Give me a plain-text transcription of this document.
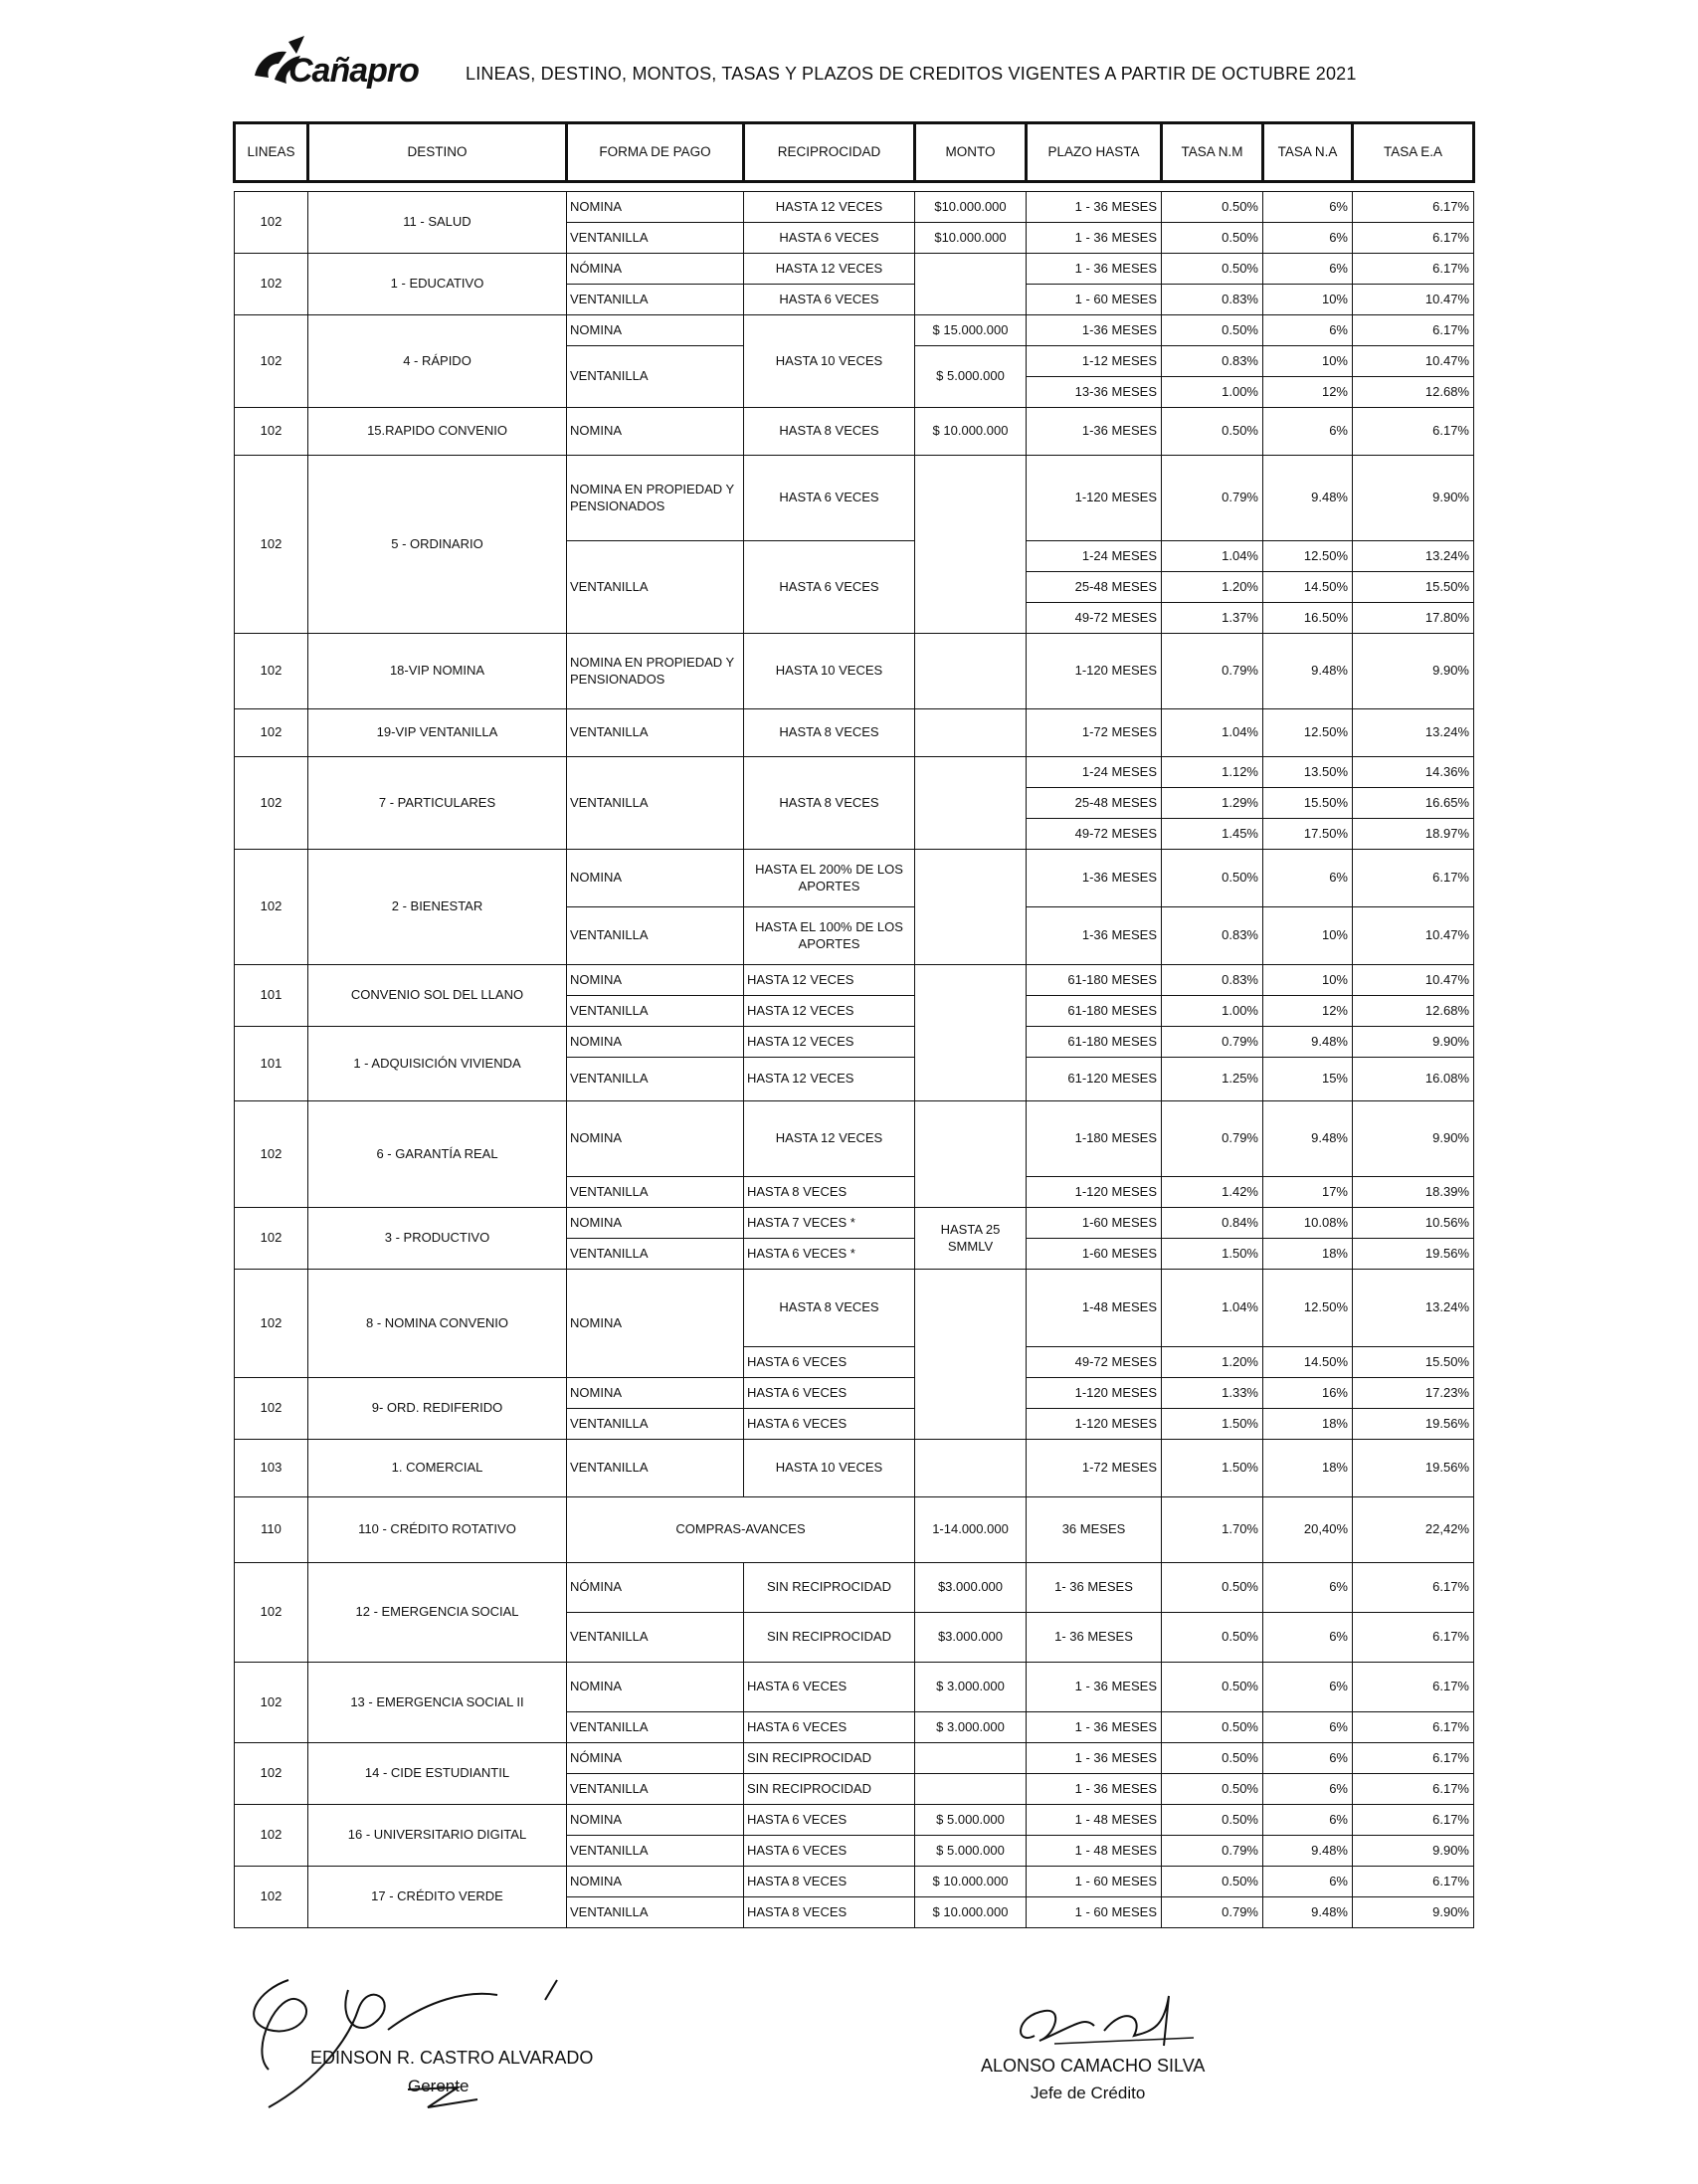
Cañapro	LINEAS, DESTINO, MONTOS, TASAS Y PLAZOS DE CREDITOS VIGENTES A PARTIR DE OCTUBRE 2021
LINEAS	DESTINO	FORMA DE PAGO	RECIPROCIDAD	MONTO	PLAZO HASTA	TASA N.M	TASA N.A	TASA E.A

102	11 - SALUD	NOMINA	HASTA 12 VECES	$10.000.000	1 - 36 MESES	0.50%	6%	6.17%
		VENTANILLA	HASTA 6 VECES	$10.000.000	1 - 36 MESES	0.50%	6%	6.17%
102	1 - EDUCATIVO	NÓMINA	HASTA 12 VECES		1 - 36 MESES	0.50%	6%	6.17%
		VENTANILLA	HASTA 6 VECES		1 - 60 MESES	0.83%	10%	10.47%
102	4 - RÁPIDO	NOMINA	HASTA 10 VECES	$ 15.000.000	1-36 MESES	0.50%	6%	6.17%
		VENTANILLA		$ 5.000.000	1-12 MESES	0.83%	10%	10.47%
					13-36 MESES	1.00%	12%	12.68%
102	15.RAPIDO CONVENIO	NOMINA	HASTA 8 VECES	$ 10.000.000	1-36 MESES	0.50%	6%	6.17%
102	5 - ORDINARIO	NOMINA EN PROPIEDAD Y PENSIONADOS	HASTA 6 VECES		1-120 MESES	0.79%	9.48%	9.90%
		VENTANILLA	HASTA 6 VECES		1-24 MESES	1.04%	12.50%	13.24%
					25-48 MESES	1.20%	14.50%	15.50%
					49-72 MESES	1.37%	16.50%	17.80%
102	18-VIP NOMINA	NOMINA EN PROPIEDAD Y PENSIONADOS	HASTA 10 VECES		1-120 MESES	0.79%	9.48%	9.90%
102	19-VIP VENTANILLA	VENTANILLA	HASTA 8 VECES		1-72 MESES	1.04%	12.50%	13.24%
102	7 - PARTICULARES	VENTANILLA	HASTA 8 VECES		1-24 MESES	1.12%	13.50%	14.36%
					25-48 MESES	1.29%	15.50%	16.65%
					49-72 MESES	1.45%	17.50%	18.97%
102	2 - BIENESTAR	NOMINA	HASTA EL 200% DE LOS APORTES		1-36 MESES	0.50%	6%	6.17%
		VENTANILLA	HASTA EL 100% DE LOS APORTES		1-36 MESES	0.83%	10%	10.47%
101	CONVENIO SOL DEL LLANO	NOMINA	HASTA 12 VECES		61-180 MESES	0.83%	10%	10.47%
		VENTANILLA	HASTA 12 VECES		61-180 MESES	1.00%	12%	12.68%
101	1 - ADQUISICIÓN VIVIENDA	NOMINA	HASTA 12 VECES		61-180 MESES	0.79%	9.48%	9.90%
		VENTANILLA	HASTA 12 VECES		61-120 MESES	1.25%	15%	16.08%
102	6 - GARANTÍA REAL	NOMINA	HASTA 12 VECES		1-180 MESES	0.79%	9.48%	9.90%
		VENTANILLA	HASTA 8 VECES		1-120 MESES	1.42%	17%	18.39%
102	3 - PRODUCTIVO	NOMINA	HASTA 7 VECES *	HASTA 25 SMMLV	1-60 MESES	0.84%	10.08%	10.56%
		VENTANILLA	HASTA 6 VECES *		1-60 MESES	1.50%	18%	19.56%
102	8 - NOMINA CONVENIO	NOMINA	HASTA 8 VECES		1-48 MESES	1.04%	12.50%	13.24%
			HASTA 6 VECES		49-72 MESES	1.20%	14.50%	15.50%
102	9- ORD. REDIFERIDO	NOMINA	HASTA 6 VECES		1-120 MESES	1.33%	16%	17.23%
		VENTANILLA	HASTA 6 VECES		1-120 MESES	1.50%	18%	19.56%
103	1. COMERCIAL	VENTANILLA	HASTA 10 VECES		1-72 MESES	1.50%	18%	19.56%
110	110 - CRÉDITO ROTATIVO	COMPRAS-AVANCES		1-14.000.000	36 MESES	1.70%	20,40%	22,42%
102	12 - EMERGENCIA SOCIAL	NÓMINA	SIN RECIPROCIDAD	$3.000.000	1- 36 MESES	0.50%	6%	6.17%
		VENTANILLA	SIN RECIPROCIDAD	$3.000.000	1- 36 MESES	0.50%	6%	6.17%
102	13 - EMERGENCIA SOCIAL II	NOMINA	HASTA 6 VECES	$ 3.000.000	1 - 36 MESES	0.50%	6%	6.17%
		VENTANILLA	HASTA 6 VECES	$ 3.000.000	1 - 36 MESES	0.50%	6%	6.17%
102	14 - CIDE ESTUDIANTIL	NÓMINA	SIN RECIPROCIDAD		1 - 36 MESES	0.50%	6%	6.17%
		VENTANILLA	SIN RECIPROCIDAD		1 - 36 MESES	0.50%	6%	6.17%
102	16 - UNIVERSITARIO DIGITAL	NOMINA	HASTA 6 VECES	$ 5.000.000	1 - 48 MESES	0.50%	6%	6.17%
		VENTANILLA	HASTA 6 VECES	$ 5.000.000	1 - 48 MESES	0.79%	9.48%	9.90%
102	17 - CRÉDITO VERDE	NOMINA	HASTA 8 VECES	$ 10.000.000	1 - 60 MESES	0.50%	6%	6.17%
		VENTANILLA	HASTA 8 VECES	$ 10.000.000	1 - 60 MESES	0.79%	9.48%	9.90%
EDINSON R. CASTRO ALVARADO
Gerente
ALONSO CAMACHO SILVA
Jefe de Crédito
